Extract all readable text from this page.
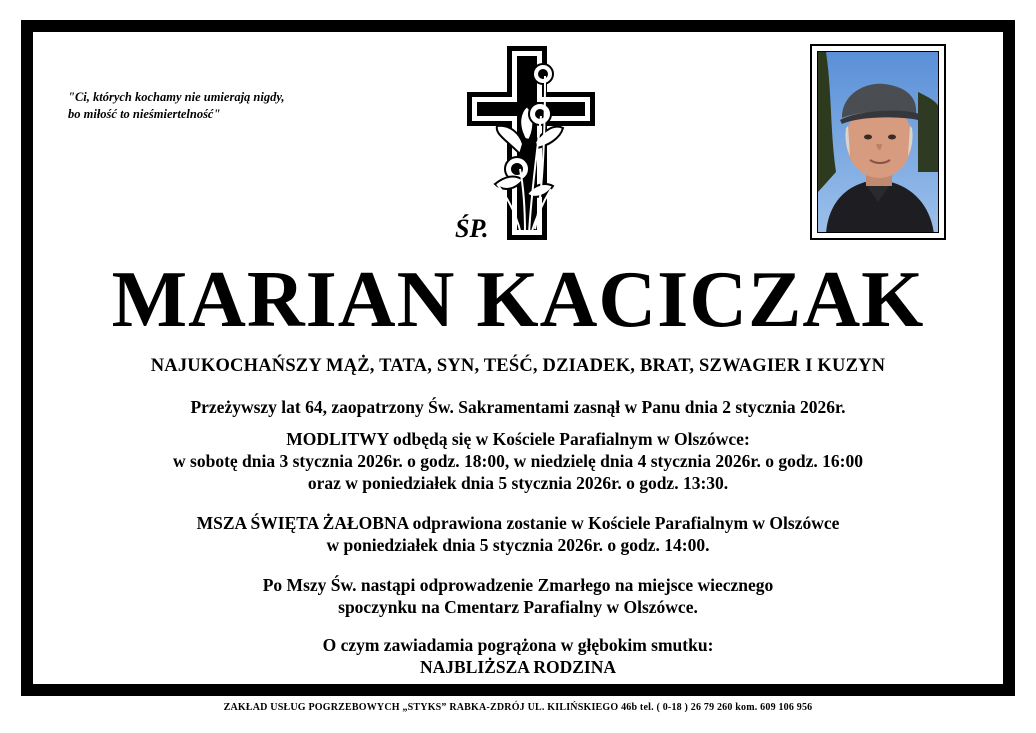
"Ci, których kochamy nie umierają nigdy,
bo miłość to nieśmiertelność"
ŚP.
MARIAN KACICZAK
NAJUKOCHAŃSZY MĄŻ, TATA, SYN, TEŚĆ, DZIADEK, BRAT, SZWAGIER I KUZYN
Przeżywszy lat 64, zaopatrzony Św. Sakramentami zasnął w Panu dnia 2 stycznia 2026r.
MODLITWY odbędą się w Kościele Parafialnym w Olszówce:
w sobotę dnia 3 stycznia 2026r. o godz. 18:00, w niedzielę dnia 4 stycznia 2026r. o godz. 16:00
oraz w poniedziałek dnia 5 stycznia 2026r. o godz. 13:30.
MSZA ŚWIĘTA ŻAŁOBNA odprawiona zostanie w Kościele Parafialnym w Olszówce
w poniedziałek dnia 5 stycznia 2026r. o godz. 14:00.
Po Mszy Św. nastąpi odprowadzenie Zmarłego na miejsce wiecznego
spoczynku na Cmentarz Parafialny w Olszówce.
O czym zawiadamia pogrążona w głębokim smutku:
NAJBLIŻSZA RODZINA
ZAKŁAD USŁUG POGRZEBOWYCH „STYKS” RABKA-ZDRÓJ UL. KILIŃSKIEGO 46b tel. ( 0-18 ) 26 79 260 kom. 609 106 956
